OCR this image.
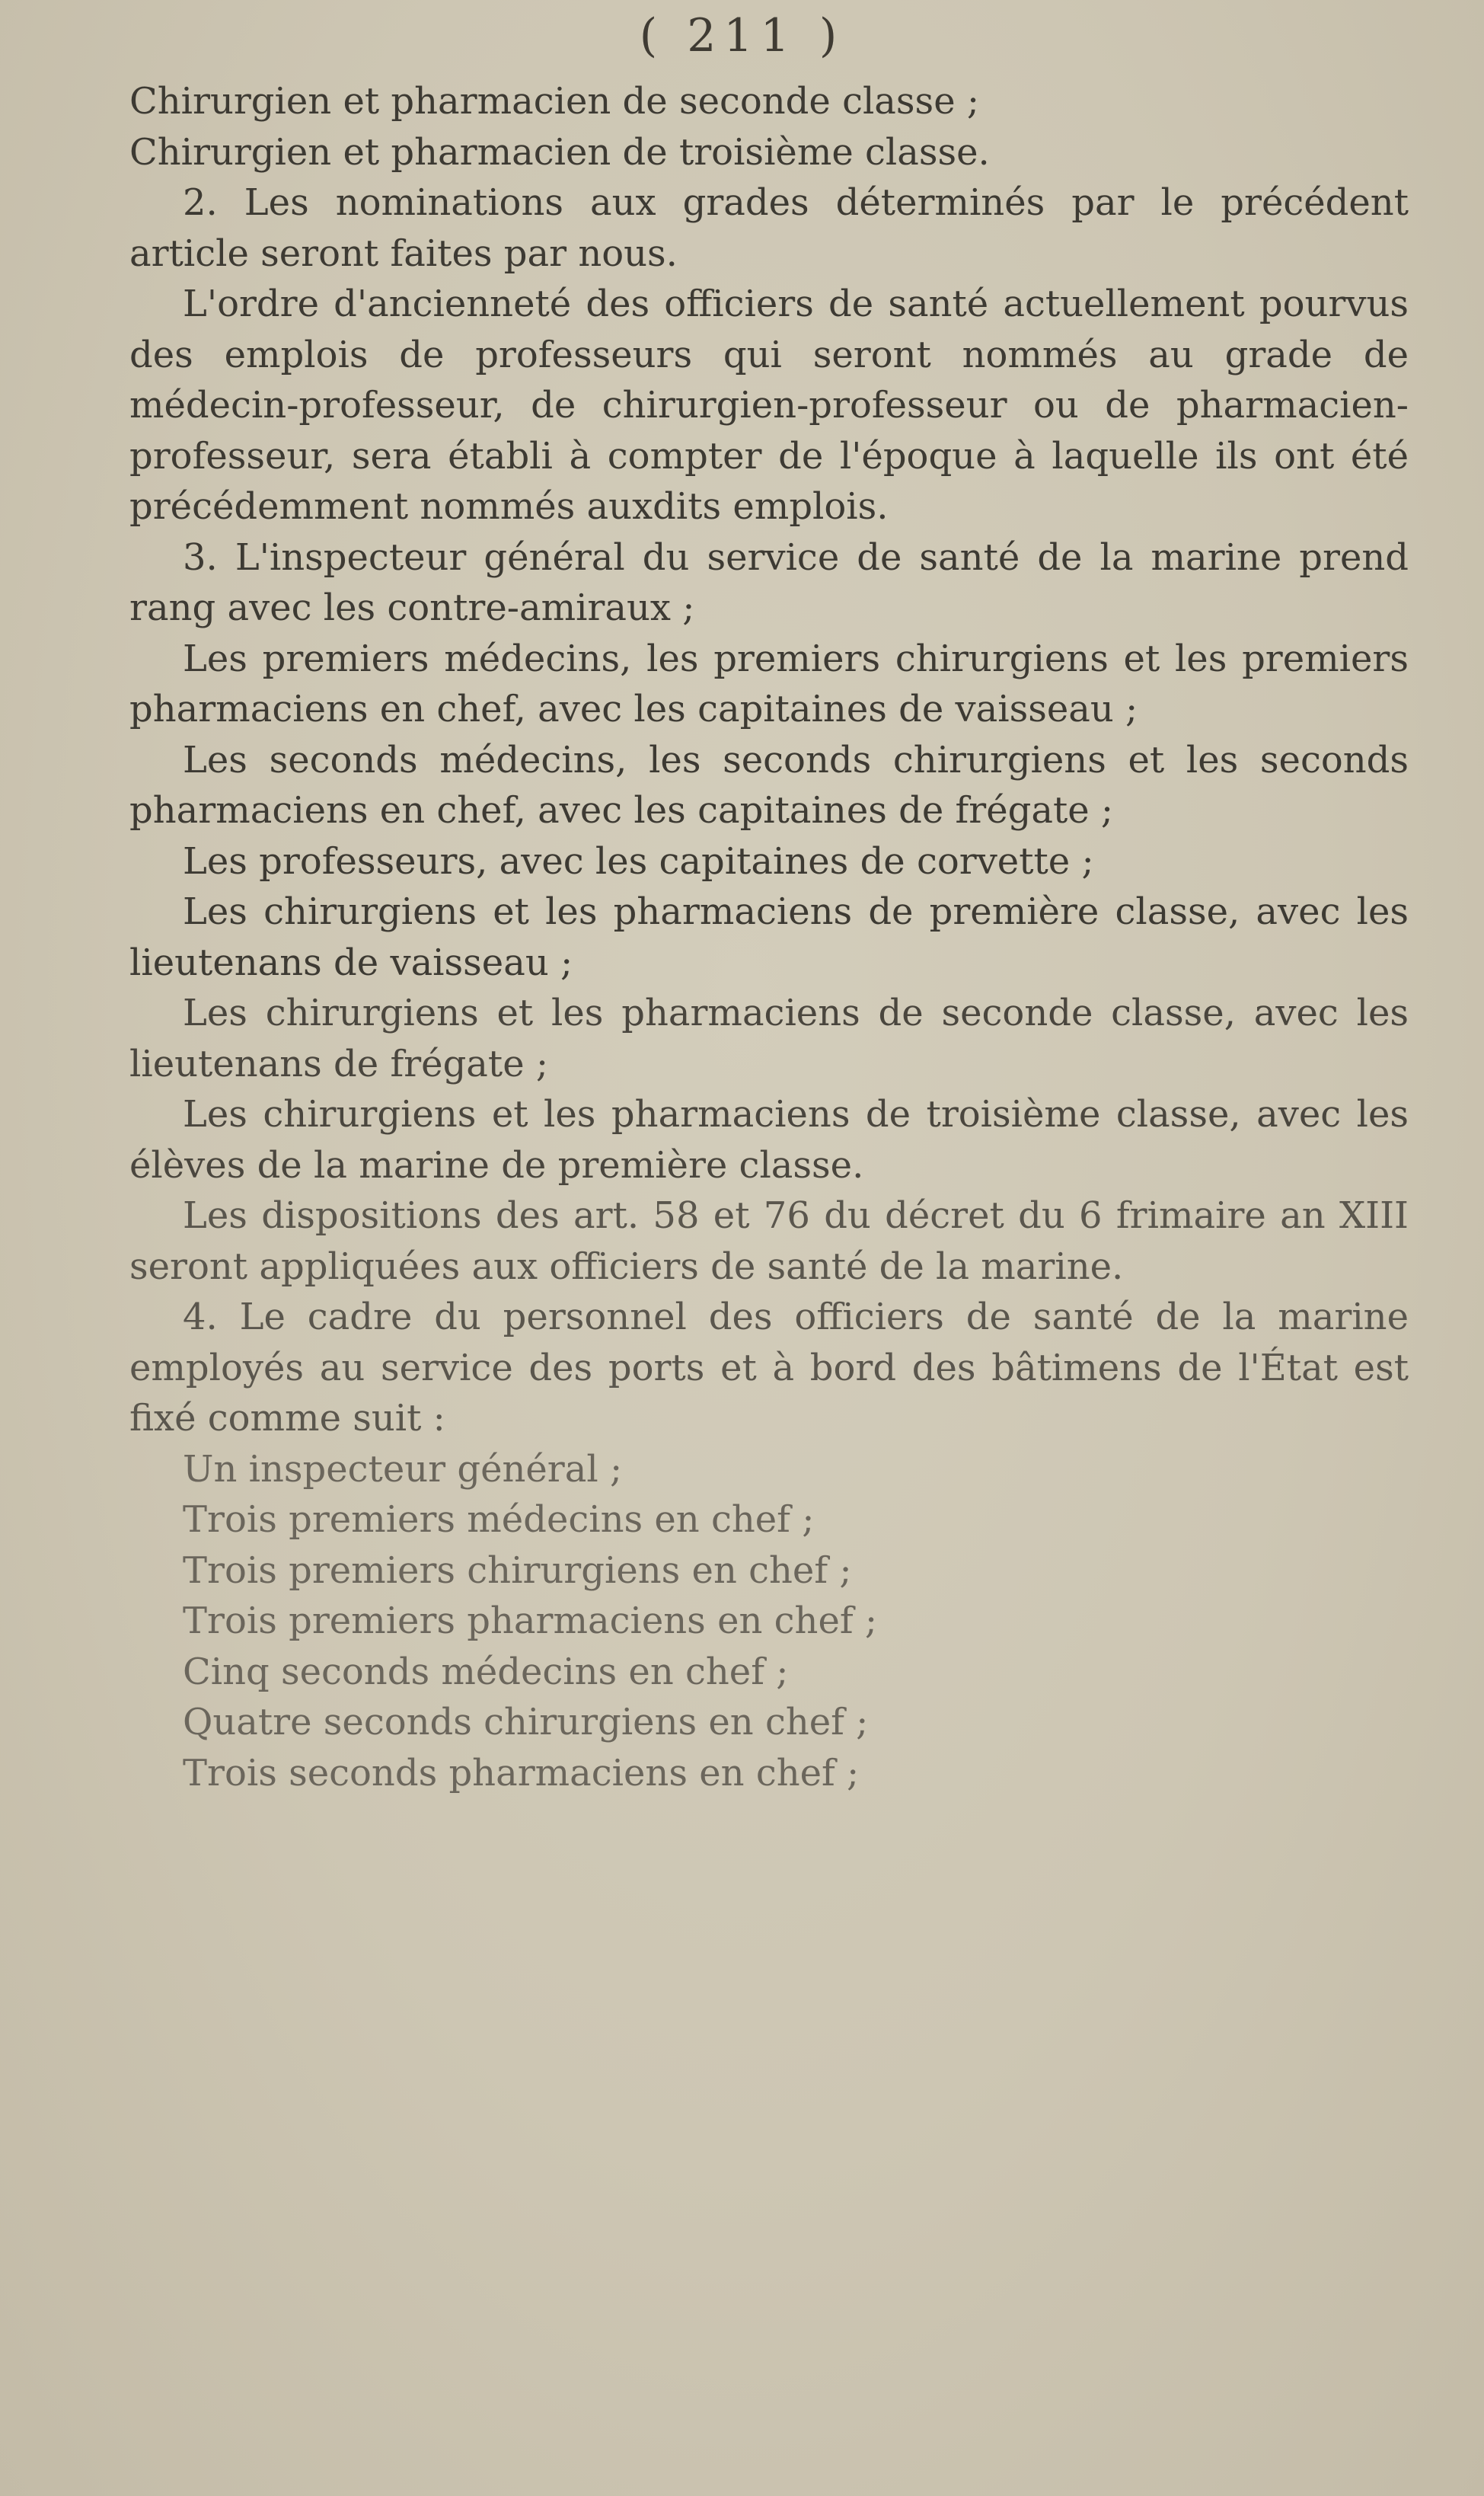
( 211 )

Chirurgien et pharmacien de seconde classe ;

Chirurgien et pharmacien de troisième classe.

2. Les nominations aux grades déterminés par le précédent article seront faites par nous.

L'ordre d'ancienneté des officiers de santé actuellement pourvus des emplois de professeurs qui seront nommés au grade de médecin-professeur, de chirurgien-professeur ou de pharmacien-professeur, sera établi à compter de l'époque à laquelle ils ont été précédemment nommés auxdits emplois.

3. L'inspecteur général du service de santé de la marine prend rang avec les contre-amiraux ;

Les premiers médecins, les premiers chirurgiens et les premiers pharmaciens en chef, avec les capitaines de vaisseau ;

Les seconds médecins, les seconds chirurgiens et les seconds pharmaciens en chef, avec les capitaines de frégate ;

Les professeurs, avec les capitaines de corvette ;

Les chirurgiens et les pharmaciens de première classe, avec les lieutenans de vaisseau ;

Les chirurgiens et les pharmaciens de seconde classe, avec les lieutenans de frégate ;

Les chirurgiens et les pharmaciens de troisième classe, avec les élèves de la marine de première classe.

Les dispositions des art. 58 et 76 du décret du 6 frimaire an XIII seront appliquées aux officiers de santé de la marine.

4. Le cadre du personnel des officiers de santé de la marine employés au service des ports et à bord des bâtimens de l'État est fixé comme suit :

Un inspecteur général ;

Trois premiers médecins en chef ;

Trois premiers chirurgiens en chef ;

Trois premiers pharmaciens en chef ;

Cinq seconds médecins en chef ;

Quatre seconds chirurgiens en chef ;

Trois seconds pharmaciens en chef ;
